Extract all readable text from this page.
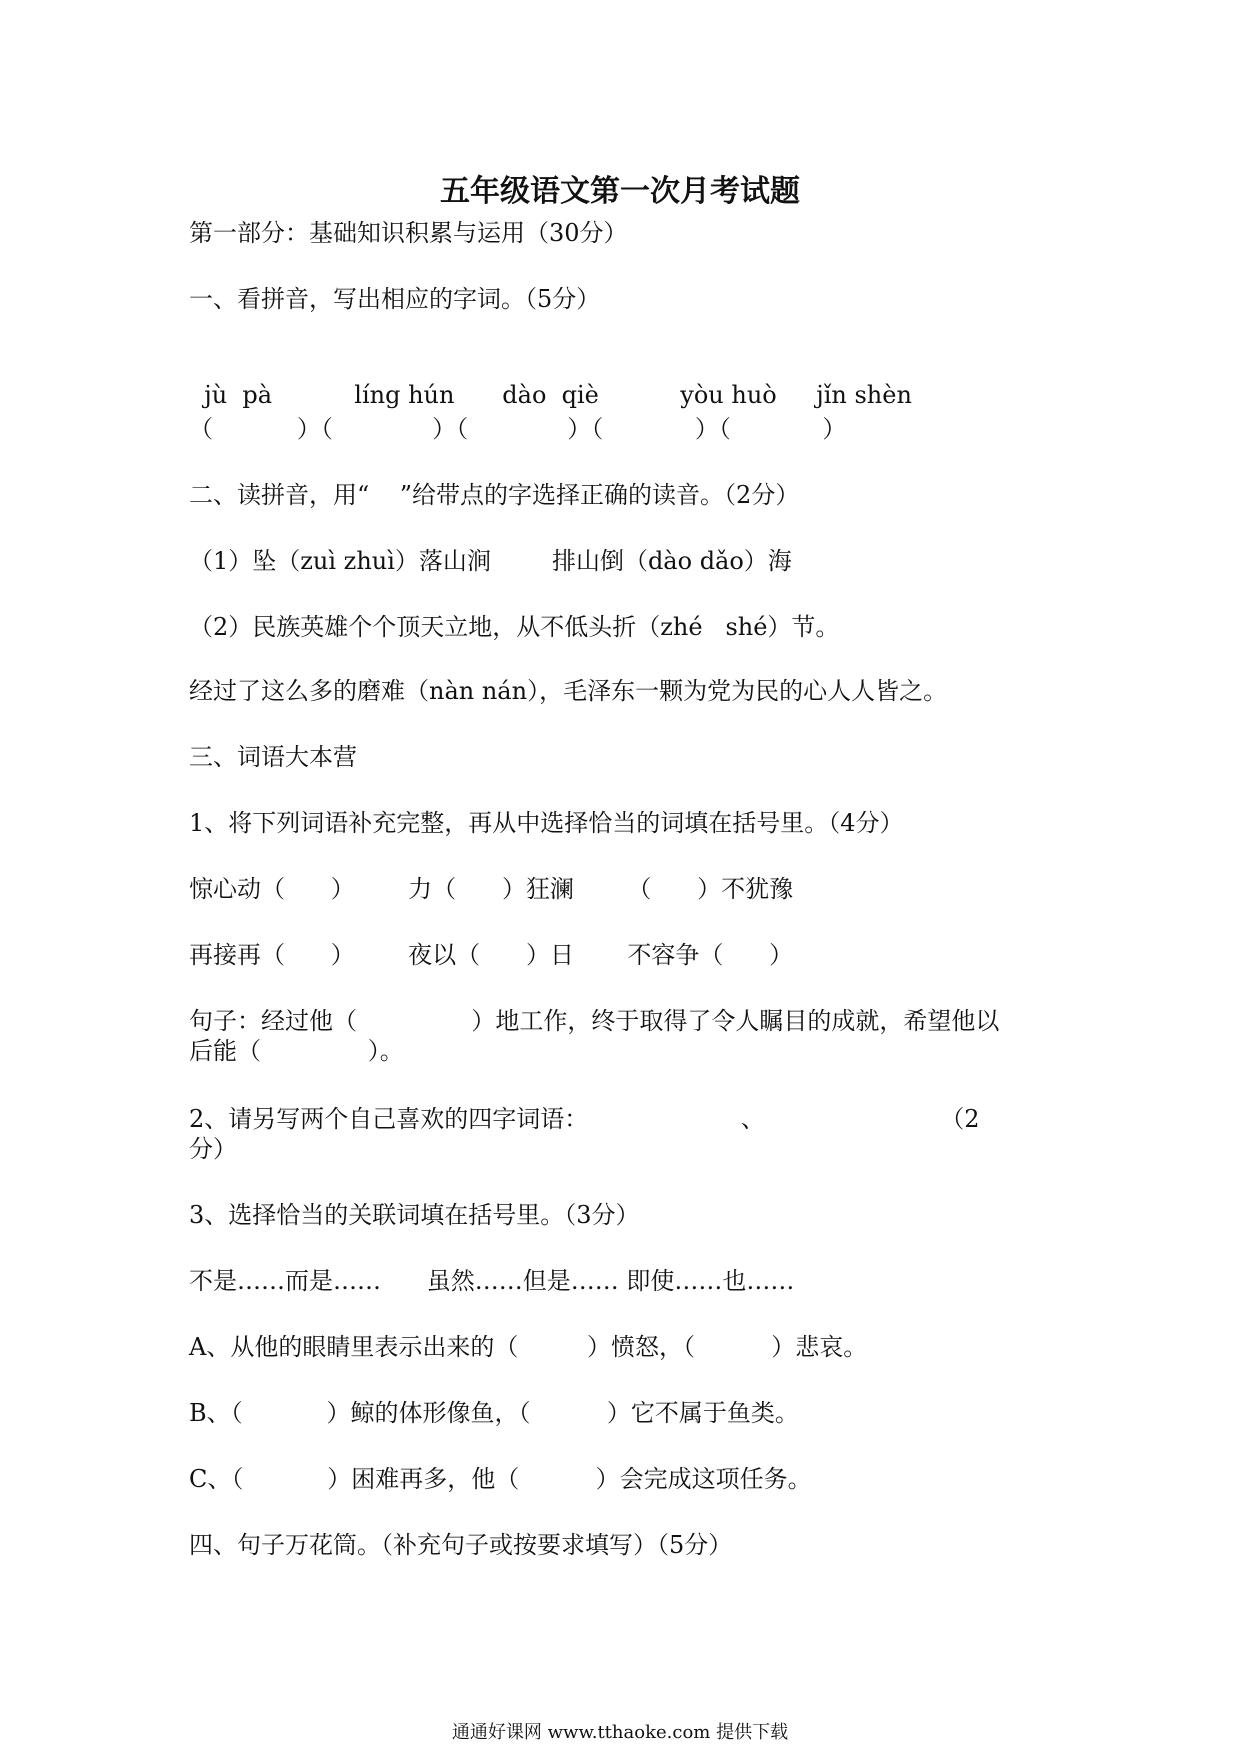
五年级语文第一次月考试题
第一部分：基础知识积累与运用（30分）
一、看拼音，写出相应的字词。（5分）

jù  pà	líng hún dào  qiè	yòu huò jǐn shèn

（           ）（             ）（             ）（            ）（            ）
二、读拼音，用“    ”给带点的字选择正确的读音。（2分）
（1）坠（zuì zhuì）落山涧        排山倒（dào dǎo）海
（2）民族英雄个个顶天立地，从不低头折（zhé   shé）节。
经过了这么多的磨难（nàn nán），毛泽东一颗为党为民的心人人皆之。
三、词语大本营
1、将下列词语补充完整，再从中选择恰当的词填在括号里。（4分）
惊心动（      ）       力（      ）狂澜       （      ）不犹豫
再接再（      ）       夜以（      ）日       不容争（      ）
句子：经过他（               ）地工作，终于取得了令人瞩目的成就，希望他以
后能（              ）。
2、请另写两个自己喜欢的四字词语：                    、                       （2
分）
3、选择恰当的关联词填在括号里。（3分）
不是……而是……      虽然……但是…… 即使……也……
A、从他的眼睛里表示出来的（         ）愤怒，（          ）悲哀。
B、（           ）鲸的体形像鱼，（          ）它不属于鱼类。
C、（           ）困难再多，他（          ）会完成这项任务。
四、句子万花筒。（补充句子或按要求填写）（5分）
通通好课网 www.tthaoke.com 提供下载
